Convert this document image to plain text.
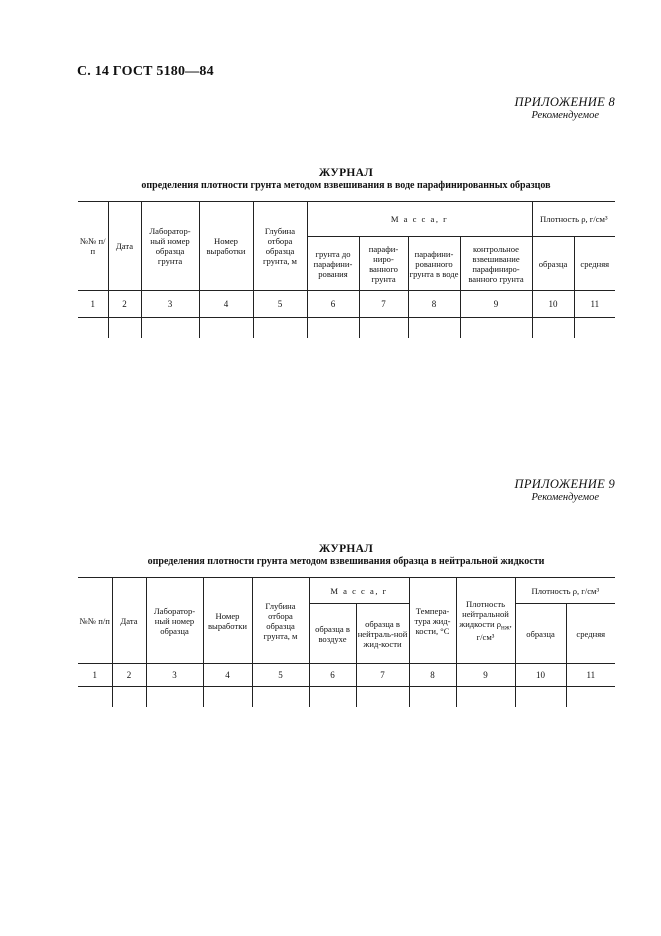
С. 14 ГОСТ 5180—84
ПРИЛОЖЕНИЕ 8
Рекомендуемое
ЖУРНАЛ
определения плотности грунта методом взвешивания в воде парафинированных образцов
№№ п/п	Дата	Лаборатор-ный номер образца грунта	Номер выработки	Глубина отбора образца грунта, м	М а с с а, г				Плотность ρ, г/см³	
					грунта до парафини-рования	парафи-ниро-ванного грунта	парафини-рованного грунта в воде	контрольное взвешивание парафиниро-ванного грунта	образца	средняя
1	2	3	4	5	6	7	8	9	10	11

ПРИЛОЖЕНИЕ 9
Рекомендуемое
ЖУРНАЛ
определения плотности грунта методом взвешивания образца в нейтральной жидкости
№№ п/п	Дата	Лаборатор-ный номер образца	Номер выработки	Глубина отбора образца грунта, м	М а с с а, г		Темпера-тура жид-кости, °С	Плотность нейтральной жидкости $\rho_{нж}$, г/см³	Плотность ρ, г/см³	
					образца в воздухе	образца в нейтраль-ной жид-кости			образца	средняя
1	2	3	4	5	6	7	8	9	10	11
